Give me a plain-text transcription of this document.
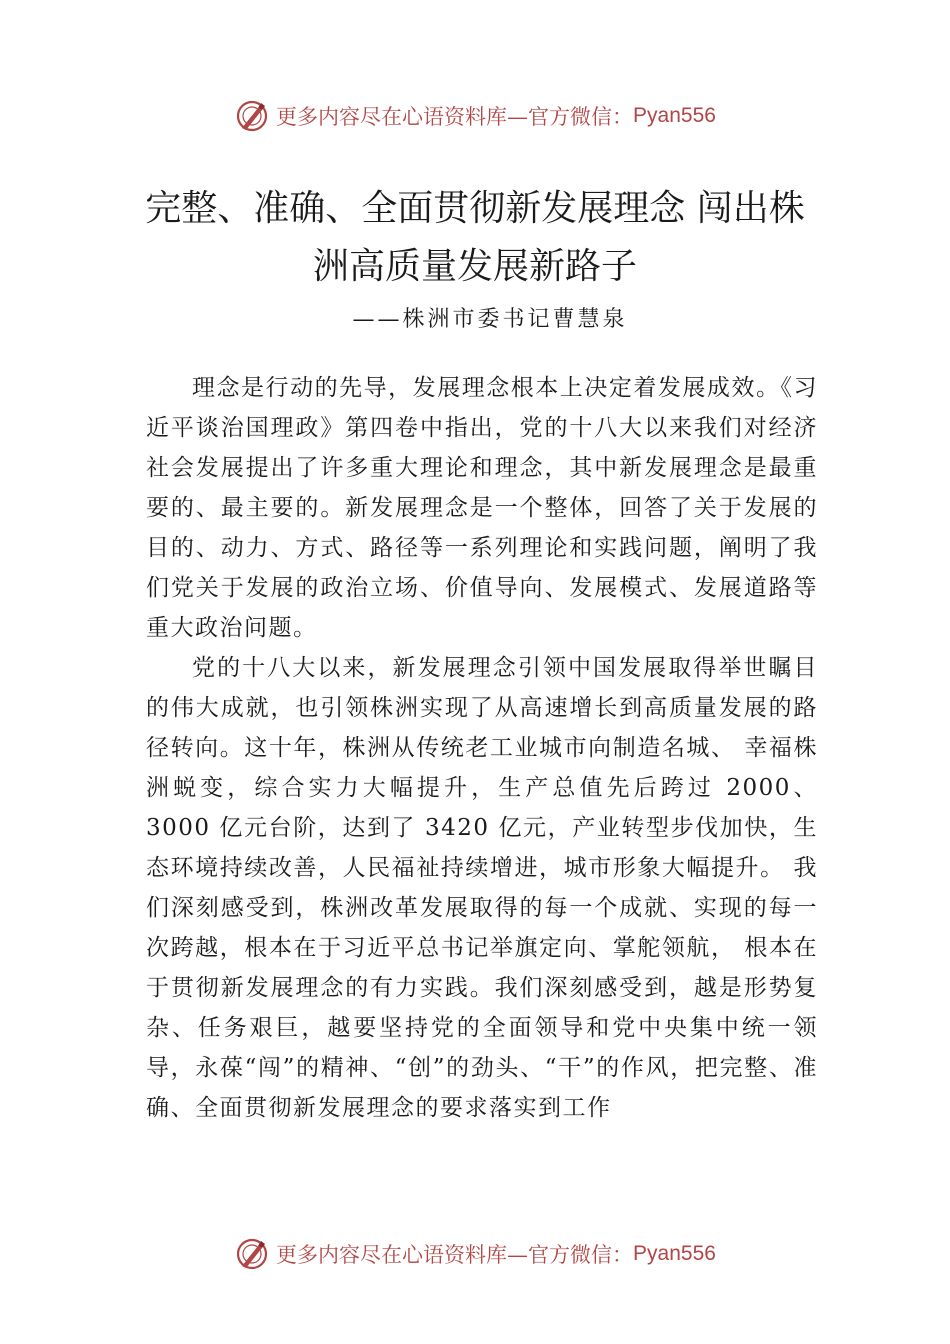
更多内容尽在心语资料库—官方微信： Pyan556
完整、准确、全面贯彻新发展理念 闯出株洲高质量发展新路子
——株洲市委书记曹慧泉

理念是行动的先导，发展理念根本上决定着发展成效。《习近平谈治国理政》第四卷中指出，党的十八大以来我们对经济社会发展提出了许多重大理论和理念，其中新发展理念是最重要的、最主要的。新发展理念是一个整体，回答了关于发展的目的、动力、方式、路径等一系列理论和实践问题，阐明了我们党关于发展的政治立场、价值导向、发展模式、发展道路等重大政治问题。

党的十八大以来，新发展理念引领中国发展取得举世瞩目的伟大成就，也引领株洲实现了从高速增长到高质量发展的路径转向。这十年，株洲从传统老工业城市向制造名城、 幸福株洲蜕变，综合实力大幅提升，生产总值先后跨过 2000、3000 亿元台阶，达到了 3420 亿元，产业转型步伐加快，生态环境持续改善，人民福祉持续增进，城市形象大幅提升。 我们深刻感受到，株洲改革发展取得的每一个成就、实现的每一次跨越，根本在于习近平总书记举旗定向、掌舵领航， 根本在于贯彻新发展理念的有力实践。我们深刻感受到，越是形势复杂、任务艰巨，越要坚持党的全面领导和党中央集中统一领导，永葆“闯”的精神、“创”的劲头、“干”的作风，把完整、准确、全面贯彻新发展理念的要求落实到工作

更多内容尽在心语资料库—官方微信： Pyan556
